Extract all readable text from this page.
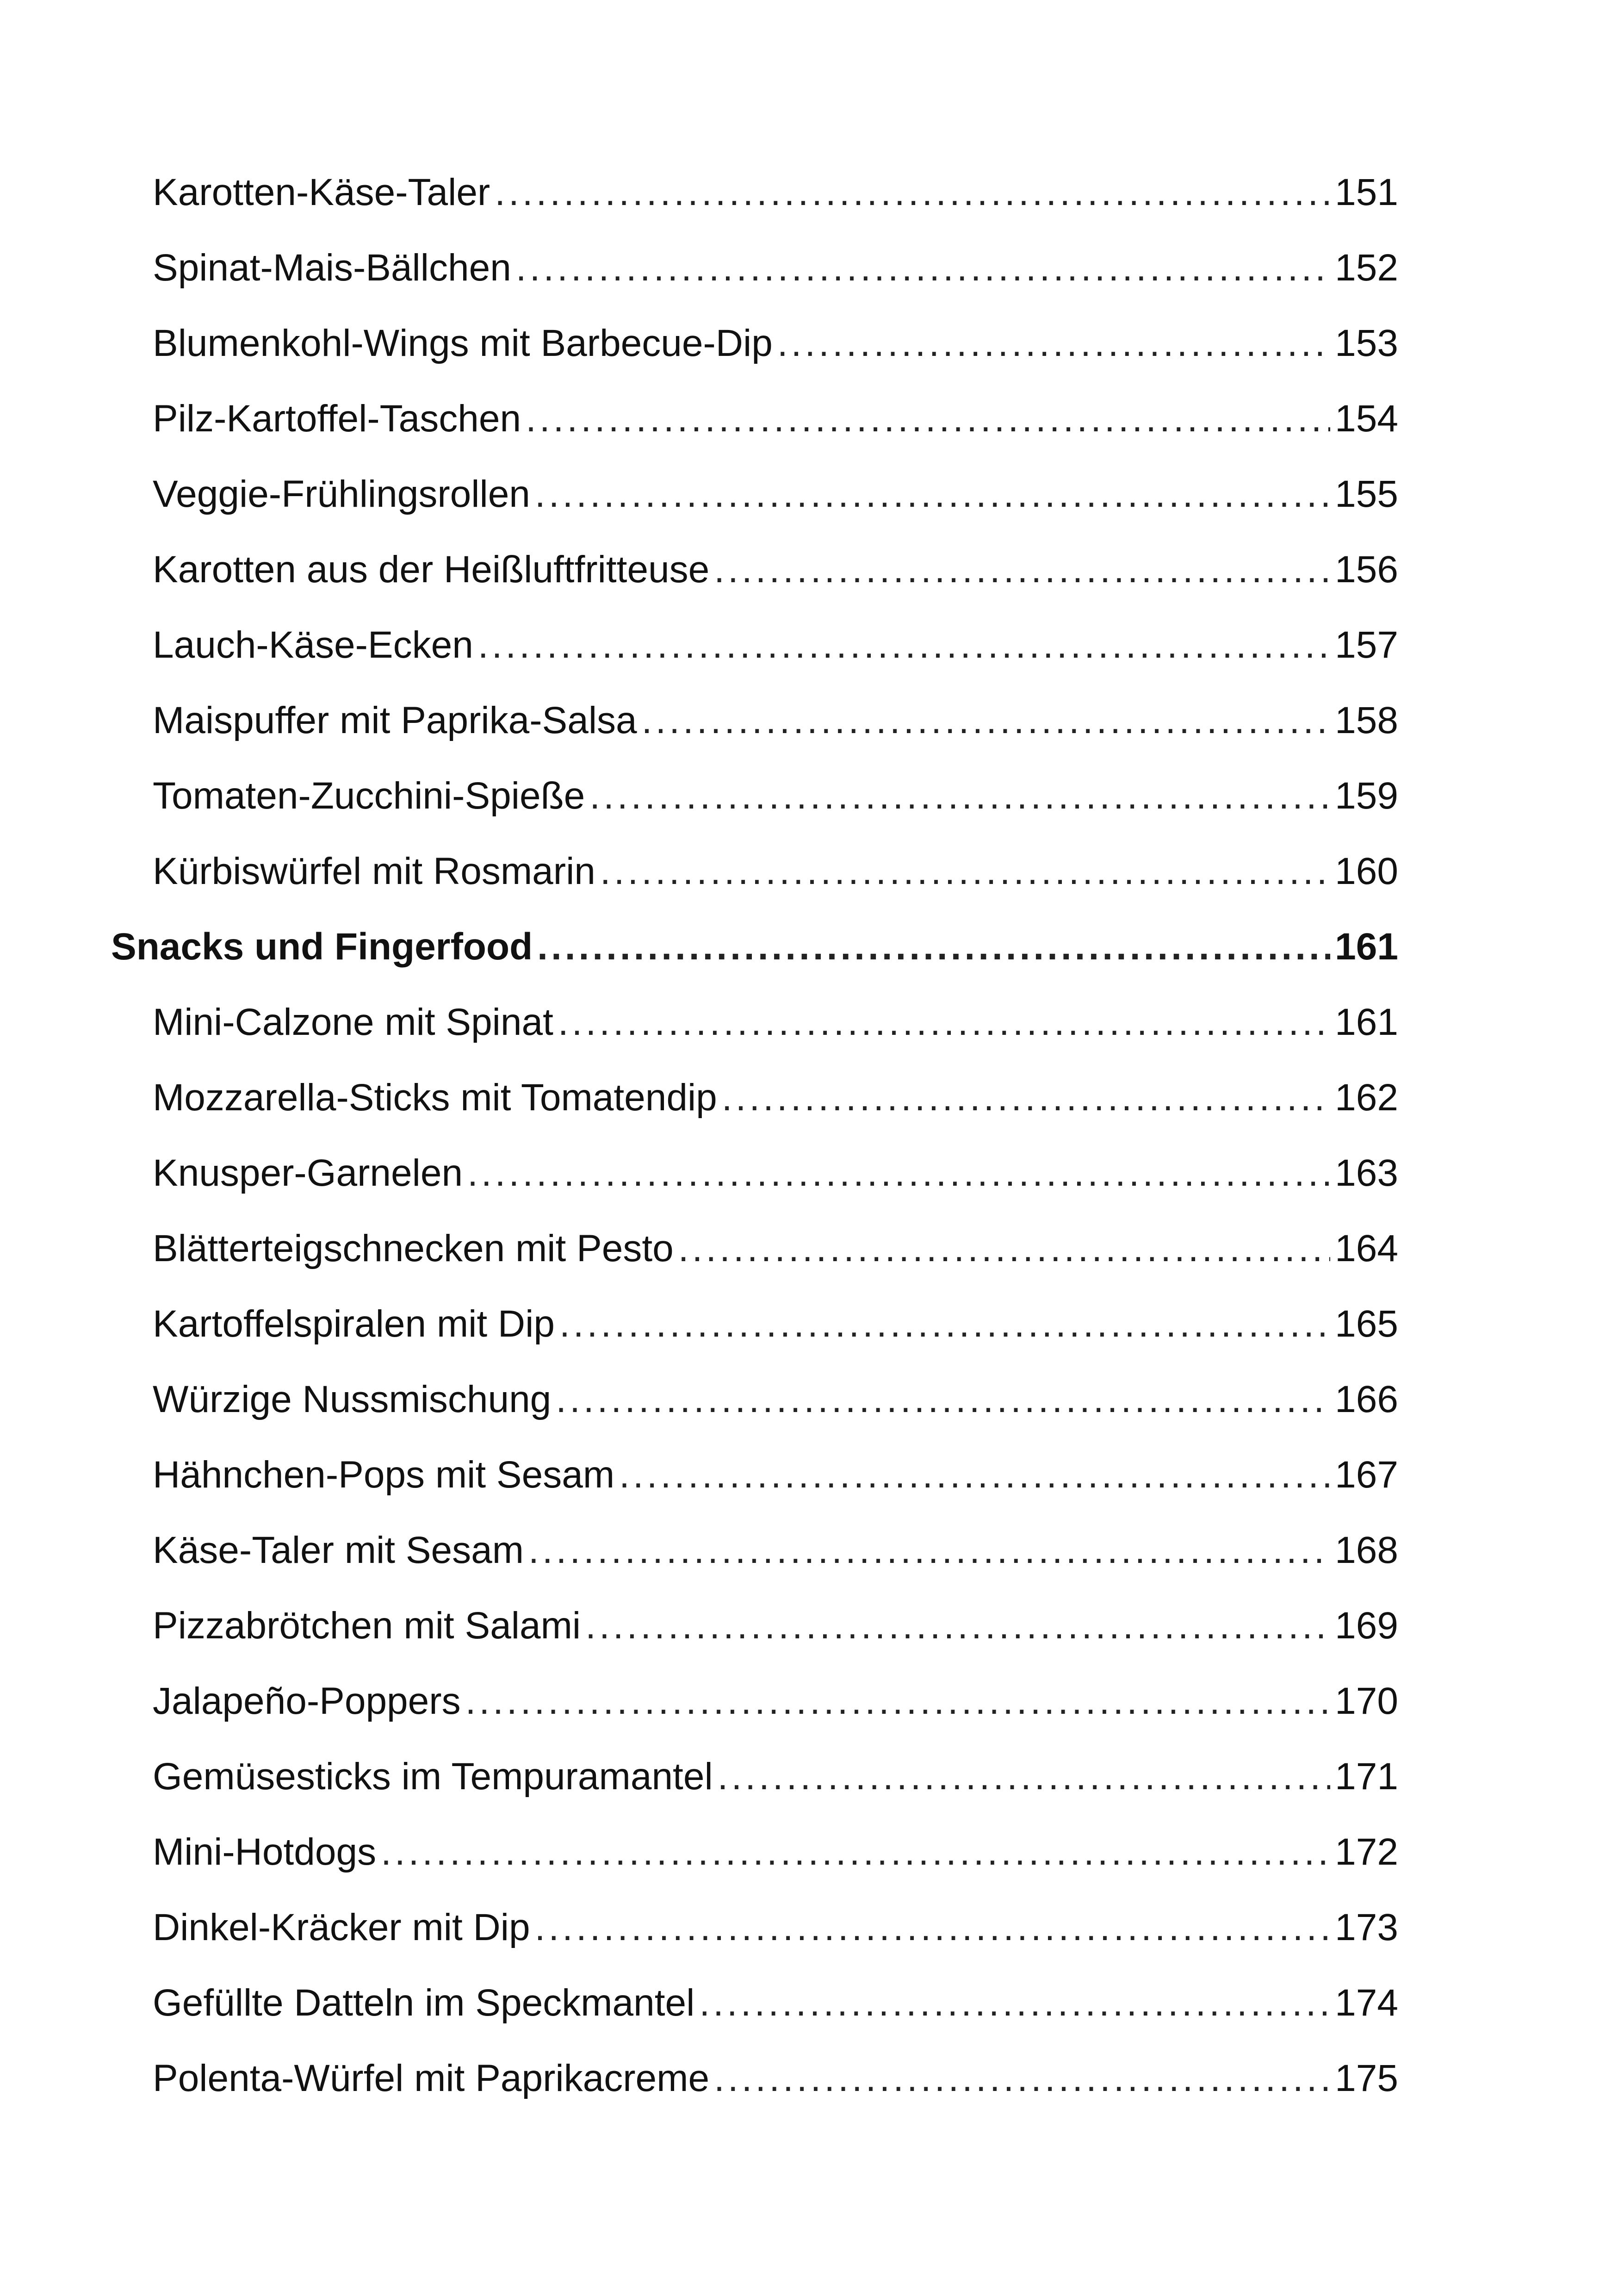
Karotten-Käse-Taler .....	151
Spinat-Mais-Bällchen .....	152
Blumenkohl-Wings mit Barbecue-Dip .....	153
Pilz-Kartoffel-Taschen .....	154
Veggie-Frühlingsrollen .....	155
Karotten aus der Heißluftfritteuse .....	156
Lauch-Käse-Ecken .....	157
Maispuffer mit Paprika-Salsa .....	158
Tomaten-Zucchini-Spieße .....	159
Kürbiswürfel mit Rosmarin .....	160
Snacks und Fingerfood .....	161
Mini-Calzone mit Spinat .....	161
Mozzarella-Sticks mit Tomatendip .....	162
Knusper-Garnelen .....	163
Blätterteigschnecken mit Pesto .....	164
Kartoffelspiralen mit Dip .....	165
Würzige Nussmischung .....	166
Hähnchen-Pops mit Sesam .....	167
Käse-Taler mit Sesam .....	168
Pizzabrötchen mit Salami .....	169
Jalapeño-Poppers .....	170
Gemüsesticks im Tempuramantel .....	171
Mini-Hotdogs .....	172
Dinkel-Kräcker mit Dip .....	173
Gefüllte Datteln im Speckmantel .....	174
Polenta-Würfel mit Paprikacreme .....	175
